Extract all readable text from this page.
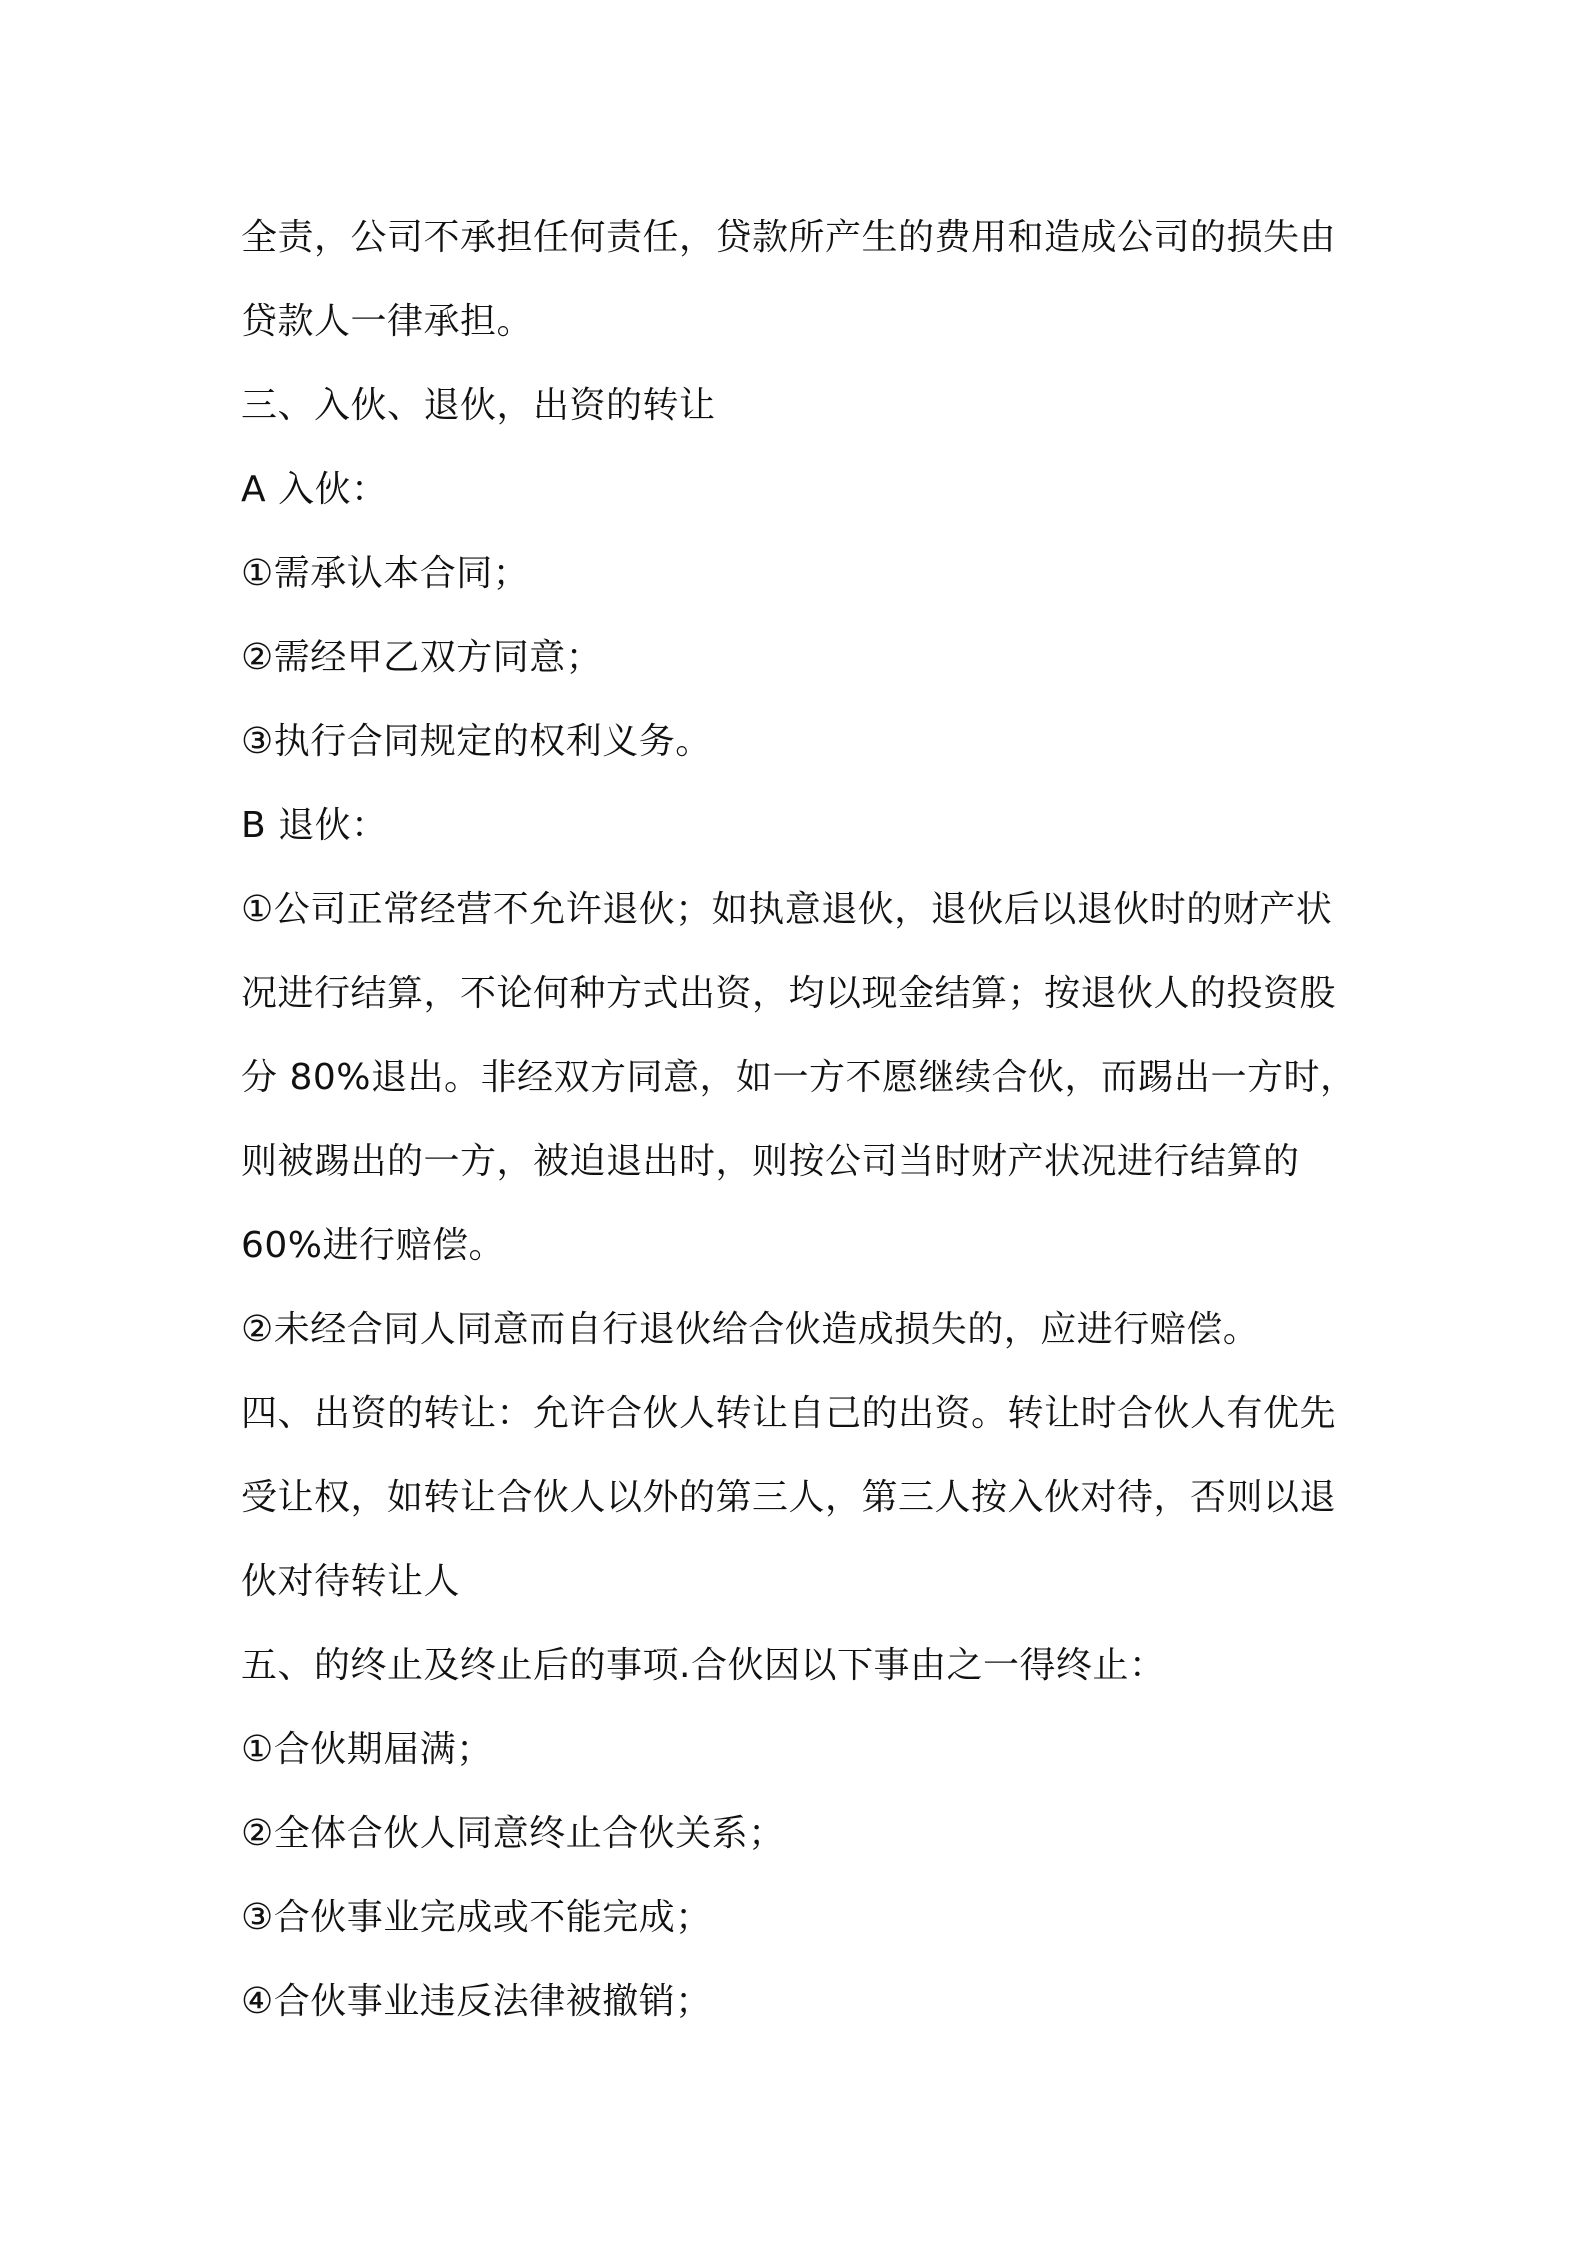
全责，公司不承担任何责任，贷款所产生的费用和造成公司的损失由
贷款人一律承担。
三、入伙、退伙，出资的转让
A 入伙：
①需承认本合同；
②需经甲乙双方同意；
③执行合同规定的权利义务。
B 退伙：
①公司正常经营不允许退伙；如执意退伙，退伙后以退伙时的财产状
况进行结算，不论何种方式出资，均以现金结算；按退伙人的投资股
分 80%退出。非经双方同意，如一方不愿继续合伙，而踢出一方时，
则被踢出的一方，被迫退出时，则按公司当时财产状况进行结算的
60%进行赔偿。
②未经合同人同意而自行退伙给合伙造成损失的，应进行赔偿。
四、出资的转让：允许合伙人转让自己的出资。转让时合伙人有优先
受让权，如转让合伙人以外的第三人，第三人按入伙对待，否则以退
伙对待转让人
五、的终止及终止后的事项.合伙因以下事由之一得终止：
①合伙期届满；
②全体合伙人同意终止合伙关系；
③合伙事业完成或不能完成；
④合伙事业违反法律被撤销；
